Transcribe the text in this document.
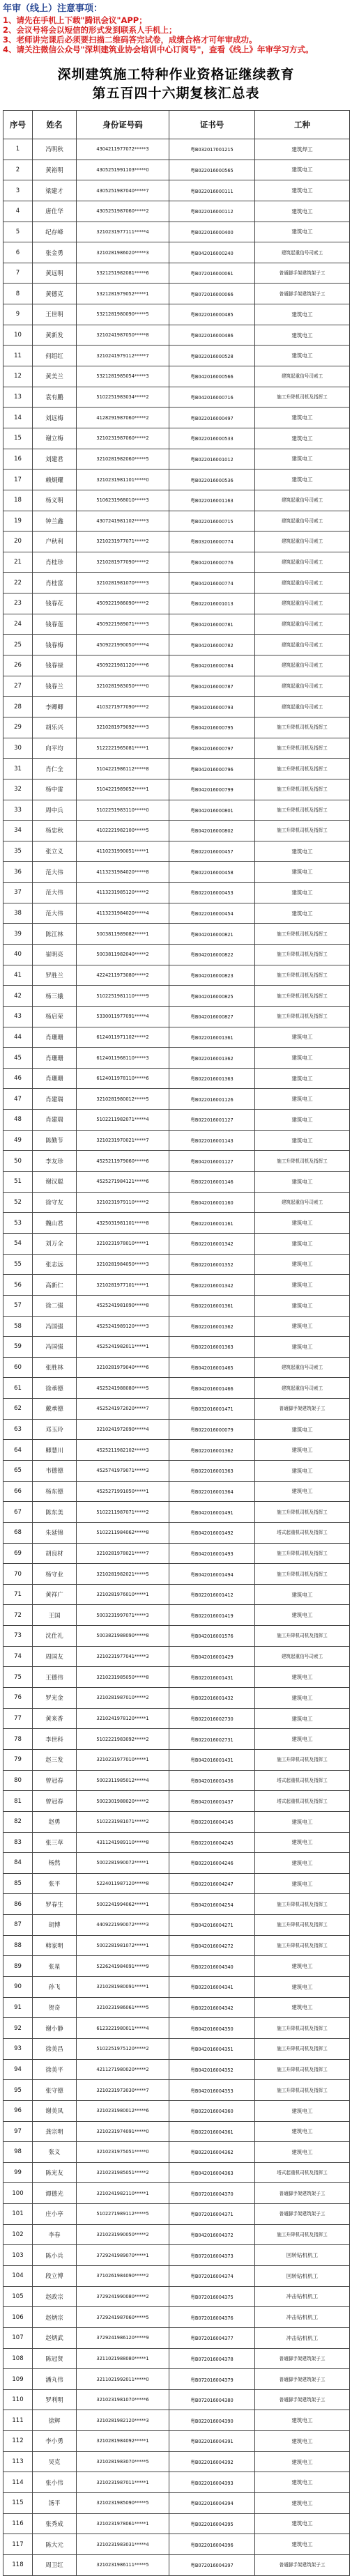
年审（线上）注意事项：

1、请先在手机上下载"腾讯会议"APP；

2、会议号将会以短信的形式发到联系人手机上；

3、老师讲完课后必须要扫描二维码答完试卷，成绩合格才可年审成功。

4、请关注微信公众号"深圳建筑业协会培训中心订阅号"，查看《线上》年审学习方式。

深圳建筑施工特种作业资格证继续教育
第五百四十六期复核汇总表
序号	姓名	身份证号码	证书号	工种
1	冯明秋	4304211977072*****3	粤B032017001215	建筑焊工
2	黄裕明	4305251991103*****0	粤B022016000565	建筑电工
3	梁建才	4305251987040*****7	粤B022016000111	建筑电工
4	唐仕华	4305251987060*****2	粤B022016000112	建筑电工
5	纪存峰	3210231977111*****4	粤B022016000400	建筑电工
6	张金勇	3210281986020*****3	粤B042016000240	建筑起重信号司索工
7	黄远明	5321251982081*****6	粤B072016000061	普通脚手架建筑架子工
8	黄德克	5321281979052*****1	粤B072016000066	普通脚手架建筑架子工
9	王世明	5321281980090*****5	粤B022016000485	建筑电工
10	黄新发	3210241987050*****8	粤B022016000486	建筑电工
11	何绍红	3210241979112*****7	粤B022016000528	建筑电工
12	黄美兰	5321281985054*****3	粤B042016000566	建筑起重信号司索工
13	袁有鹏	5102251983034*****2	粤B042016000716	施工升降机司机及指挥工
14	刘远梅	4128291987060*****2	粤B022016000497	建筑电工
15	谢立梅	3210231987060*****2	粤B022016000533	建筑电工
16	刘建君	3210281982060*****5	粤B022016001012	建筑电工
17	赖炯耀	3210231981101*****0	粤B022016000536	建筑电工
18	杨义明	5106231968010*****3	粤B022016001163	建筑起重信号司索工
19	钟兰鑫	4307241981102*****3	粤B022016000715	建筑起重信号司索工
20	户秋利	3210231977071*****2	粤B032016000774	建筑起重信号司索工
21	肖桂珍	3210281977090*****2	粤B042016000776	建筑起重信号司索工
22	肖桂富	3210281981070*****3	粤B042016000774	建筑起重信号司索工
23	钱春花	4509221986090*****2	粤B022016001013	建筑起重信号司索工
24	钱春莲	4509221989071*****3	粤B042016000781	建筑起重信号司索工
25	钱春梅	4509221990050*****4	粤B042016000782	建筑起重信号司索工
26	钱春禄	4509221981120*****6	粤B042016000784	建筑起重信号司索工
27	钱春兰	3210281983050*****0	粤B042016000787	建筑起重信号司索工
28	李卿卿	4103271977090*****2	粤B042016000793	建筑起重信号司索工
29	胡乐兴	3210281979092*****3	粤B042016000795	施工升降机司机及指挥工
30	向平均	5122221965081*****1	粤B042016000797	施工升降机司机及指挥工
31	肖仁全	5104221986112*****8	粤B042016000796	施工升降机司机及指挥工
32	杨中雷	5104221989052*****1	粤B042016000799	施工升降机司机及指挥工
33	周中兵	5102251983110*****0	粤B042016000801	施工升降机司机及指挥工
34	杨忠秋	4102221982100*****5	粤B042016000802	施工升降机司机及指挥工
35	张立义	4110231990051*****1	粤B022016000457	建筑电工
36	范大伟	4113231984020*****8	粤B022016000458	建筑电工
37	范大伟	4113231985120*****2	粤B022016000453	建筑电工
38	范大伟	4113231984020*****4	粤B022016000454	建筑电工
39	陈江林	5003811989082*****1	粤B042016000821	施工升降机司机及指挥工
40	崔明亮	5003811982040*****2	粤B042016000822	施工升降机司机及指挥工
41	罗胜兰	4224211973080*****2	粤B042016000823	施工升降机司机及指挥工
42	杨三娥	5102251981110*****9	粤B042016000825	施工升降机司机及指挥工
43	杨启荣	5330011977091*****4	粤B042016000827	施工升降机司机及指挥工
44	肖珊珊	6124011971102*****2	粤B022016001361	建筑电工
45	肖珊珊	6124011968110*****3	粤B022016001362	建筑电工
46	肖珊珊	6124011978110*****6	粤B022016001363	建筑电工
47	肖建瑞	3210281980012*****5	粤B022016001126	建筑电工
48	肖建瑞	5102211982071*****4	粤B022016001127	建筑电工
49	陈勤节	3210231970021*****7	粤B022016001143	建筑电工
50	李友珍	4525211979060*****6	粤B042016001127	施工升降机司机及指挥工
51	谢汉聪	4525271984121*****6	粤B022016001146	建筑电工
52	徐守友	3210231979110*****2	粤B042016001160	建筑起重信号司索工
53	魏山君	4325031981101*****8	粤B022016001161	建筑电工
54	刘万全	3210231978010*****1	粤B022016001342	建筑电工
55	张志远	3210281984050*****3	粤B022016001352	建筑电工
56	高新仁	3210281977101*****1	粤B022016001342	建筑电工
57	徐二强	4525241981090*****8	粤B022016001361	建筑电工
58	冯国强	4525241989120*****3	粤B022016001362	建筑电工
59	冯国强	4525241982011*****1	粤B022016001363	建筑电工
60	张胜林	3210281979040*****6	粤B042016001465	建筑起重信号司索工
61	徐承德	4525241988080*****5	粤B042016001466	建筑起重信号司索工
62	戴承德	4525241972020*****7	粤B032016001471	普通脚手架建筑架子工
63	邓玉玲	3210241972090*****4	粤B022016000079	建筑电工
64	卿慧川	4525211982102*****3	粤B022016001362	建筑电工
65	韦德德	4525741979071*****3	粤B022016001363	建筑电工
66	杨东德	4525271991050*****1	粤B022016001364	建筑电工
67	陈东美	5102211987071*****2	粤B042016001491	施工升降机司机及指挥工
68	朱延锦	5102211984062*****8	粤B042016001492	塔式起重机司机及指挥工
69	胡良材	3210281978021*****7	粤B042016001493	施工升降机司机及指挥工
70	杨守业	3210281982021*****5	粤B042016001494	施工升降机司机及指挥工
71	黄祥广	3210281976010*****1	粤B022016001412	建筑电工
72	王国	5003231997071*****3	粤B022016001419	建筑电工
73	沈仕礼	5003821988090*****8	粤B042016001576	施工升降机司机及指挥工
74	周国友	3210231977041*****3	粤B042016001429	建筑起重信号司索工
75	王德伟	3210231985050*****8	粤B022016001431	建筑电工
76	罗光金	3210281987010*****2	粤B022016001432	建筑电工
77	黄来香	3210241978120*****1	粤B022016002730	建筑电工
78	李世科	5102221983092*****2	粤B022016002731	建筑电工
79	赵三发	3210231977010*****1	粤B042016001431	施工升降机司机及指挥工
80	曾冠春	5002311985012*****4	粤B042016001436	塔式起重机司机及指挥工
81	曾冠春	5002301988020*****2	粤B042016001437	塔式起重机司机及指挥工
82	赵勇	5102231981071*****2	粤B022016004145	建筑电工
83	张三草	4311241989110*****8	粤B022016004245	建筑电工
84	杨然	5002281990072*****1	粤B022016004246	建筑电工
85	张平	5224011987120*****8	粤B022016004247	建筑电工
86	罗春生	5002241994062*****1	粤B042016004254	施工升降机司机及指挥工
87	胡博	4409221990072*****3	粤B042016004271	施工升降机司机及指挥工
88	韩家明	5002281981072*****1	粤B042016004272	施工升降机司机及指挥工
89	张星	5226241984091*****9	粤B022016004340	建筑电工
90	孙飞	3210281980091*****1	粤B022016004341	建筑电工
91	贺奇	3210231986061*****5	粤B022016004342	建筑电工
92	谢小静	6123221980011*****4	粤B042016004350	施工升降机司机及指挥工
93	徐美昌	5102251975120*****2	粤B042016004351	施工升降机司机及指挥工
94	徐美平	4211271980020*****2	粤B042016004352	施工升降机司机及指挥工
95	张守德	3210231973030*****7	粤B042016004353	施工升降机司机及指挥工
96	谢美凤	3210231980012*****6	粤B022016004360	建筑电工
97	龚宗明	3210231974091*****0	粤B022016004361	建筑电工
98	张义	3210231975051*****0	粤B022016004362	建筑电工
99	陈光友	3210231985051*****2	粤B042016004363	塔式起重机司机及指挥工
100	谭德光	3210241982110*****1	粤B072016004370	普通脚手架建筑架子工
101	庄小亭	5102271989112*****5	粤B072016004371	普通脚手架建筑架子工
102	李春	3210231990050*****2	粤B042016004372	施工升降机司机及指挥工
103	陈小兵	3729241989070*****1	粤B072016004373	回转钻机机工
104	段立博	3710261984090*****2	粤B072016004374	回转钻机机工
105	赵政宗	3729241990080*****2	粤B072016004375	冲击钻机机工
106	赵炳宗	3729241987060*****5	粤B072016004376	冲击钻机机工
107	赵炳武	3729241986120*****9	粤B072016004377	冲击钻机机工
108	陈冠贤	3211021988080*****1	粤B072016004378	普通脚手架建筑架子工
109	潘丸伟	3211021992011*****0	粤B072016004379	普通脚手架建筑架子工
110	罗利明	3210231981070*****6	粤B072016004380	普通脚手架建筑架子工
111	徐辉	3210281982120*****3	粤B022016004390	建筑电工
112	李小勇	3210281984092*****1	粤B022016004391	建筑电工
113	吴克	3210281983070*****5	粤B022016004392	建筑电工
114	张小伟	3210231987011*****1	粤B022016004393	建筑电工
115	汤平	3210231985090*****5	粤B022016004394	建筑电工
116	张秀成	3210231978061*****1	粤B022016004395	建筑电工
117	陈大元	3210231983031*****4	粤B022016004396	建筑电工
118	周卫红	3210231986111*****5	粤B072016004397	普通脚手架建筑架子工
